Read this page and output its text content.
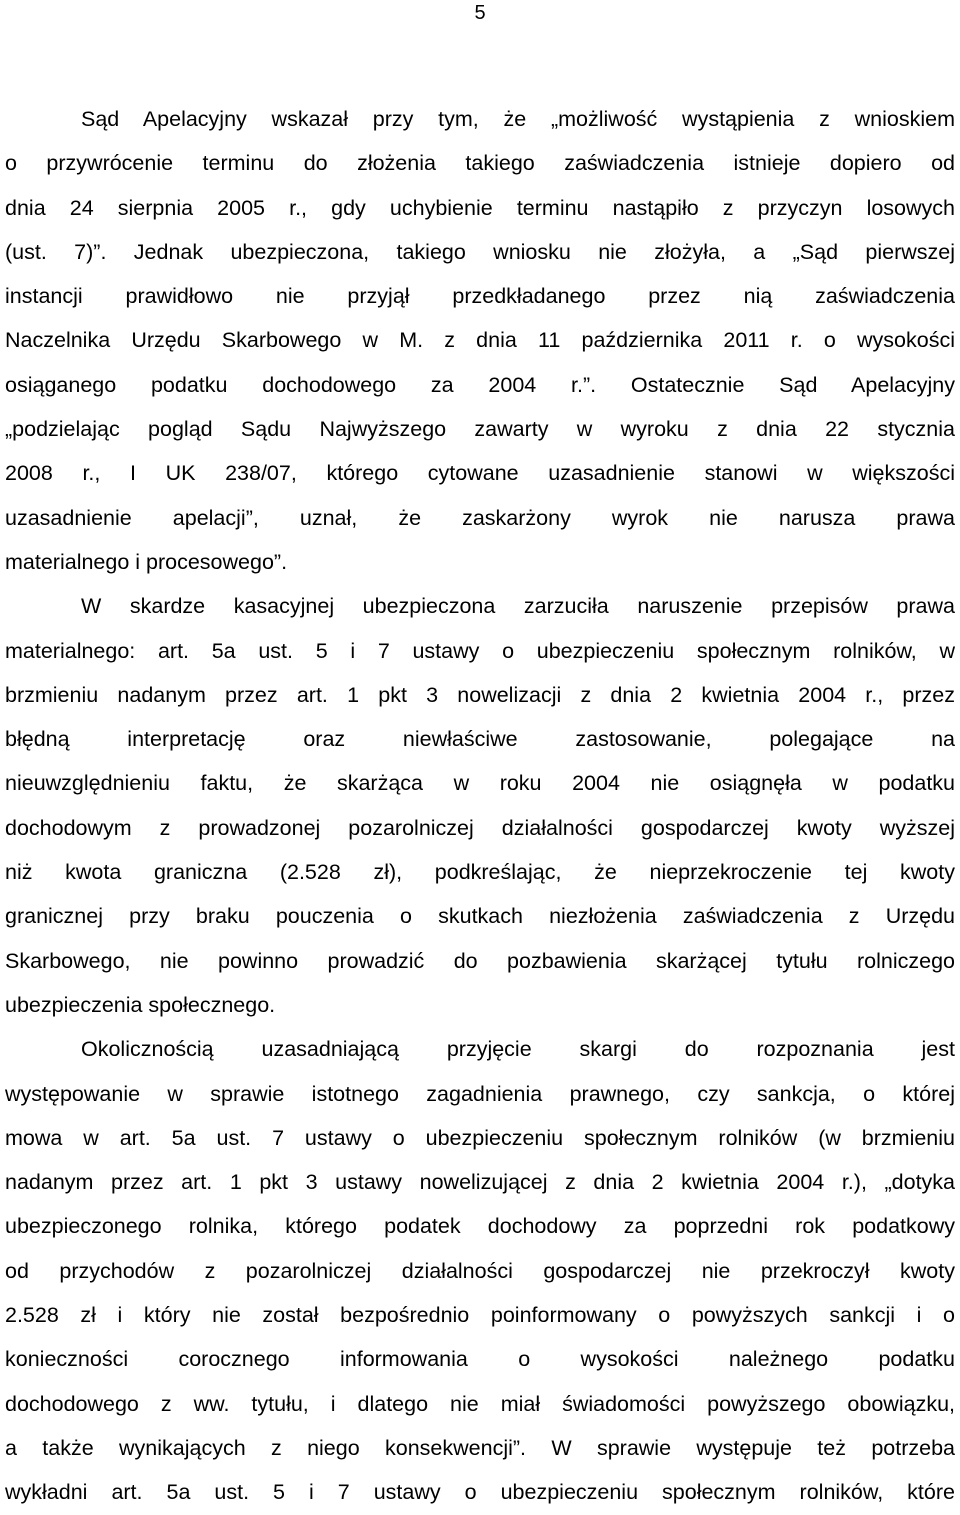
5
Sąd Apelacyjny wskazał przy tym, że „możliwość wystąpienia z wnioskiem
o przywrócenie terminu do złożenia takiego zaświadczenia istnieje dopiero od
dnia 24 sierpnia 2005 r., gdy uchybienie terminu nastąpiło z przyczyn losowych
(ust. 7)”. Jednak ubezpieczona, takiego wniosku nie złożyła, a „Sąd pierwszej
instancji prawidłowo nie przyjął przedkładanego przez nią zaświadczenia
Naczelnika Urzędu Skarbowego w M. z dnia 11 października 2011 r. o wysokości
osiąganego podatku dochodowego za 2004 r.”. Ostatecznie Sąd Apelacyjny
„podzielając pogląd Sądu Najwyższego zawarty w wyroku z dnia 22 stycznia
2008 r., I UK 238/07, którego cytowane uzasadnienie stanowi w większości
uzasadnienie apelacji”, uznał, że zaskarżony wyrok nie narusza prawa
materialnego i procesowego”.
W skardze kasacyjnej ubezpieczona zarzuciła naruszenie przepisów prawa
materialnego: art. 5a ust. 5 i 7 ustawy o ubezpieczeniu społecznym rolników, w
brzmieniu nadanym przez art. 1 pkt 3 nowelizacji z dnia 2 kwietnia 2004 r., przez
błędną interpretację oraz niewłaściwe zastosowanie, polegające na
nieuwzględnieniu faktu, że skarżąca w roku 2004 nie osiągnęła w podatku
dochodowym z prowadzonej pozarolniczej działalności gospodarczej kwoty wyższej
niż kwota graniczna (2.528 zł), podkreślając, że nieprzekroczenie tej kwoty
granicznej przy braku pouczenia o skutkach niezłożenia zaświadczenia z Urzędu
Skarbowego, nie powinno prowadzić do pozbawienia skarżącej tytułu rolniczego
ubezpieczenia społecznego.
Okolicznością uzasadniającą przyjęcie skargi do rozpoznania jest
występowanie w sprawie istotnego zagadnienia prawnego, czy sankcja, o której
mowa w art. 5a ust. 7 ustawy o ubezpieczeniu społecznym rolników (w brzmieniu
nadanym przez art. 1 pkt 3 ustawy nowelizującej z dnia 2 kwietnia 2004 r.), „dotyka
ubezpieczonego rolnika, którego podatek dochodowy za poprzedni rok podatkowy
od przychodów z pozarolniczej działalności gospodarczej nie przekroczył kwoty
2.528 zł i który nie został bezpośrednio poinformowany o powyższych sankcji i o
konieczności corocznego informowania o wysokości należnego podatku
dochodowego z ww. tytułu, i dlatego nie miał świadomości powyższego obowiązku,
a także wynikających z niego konsekwencji”. W sprawie występuje też potrzeba
wykładni art. 5a ust. 5 i 7 ustawy o ubezpieczeniu społecznym rolników, które
